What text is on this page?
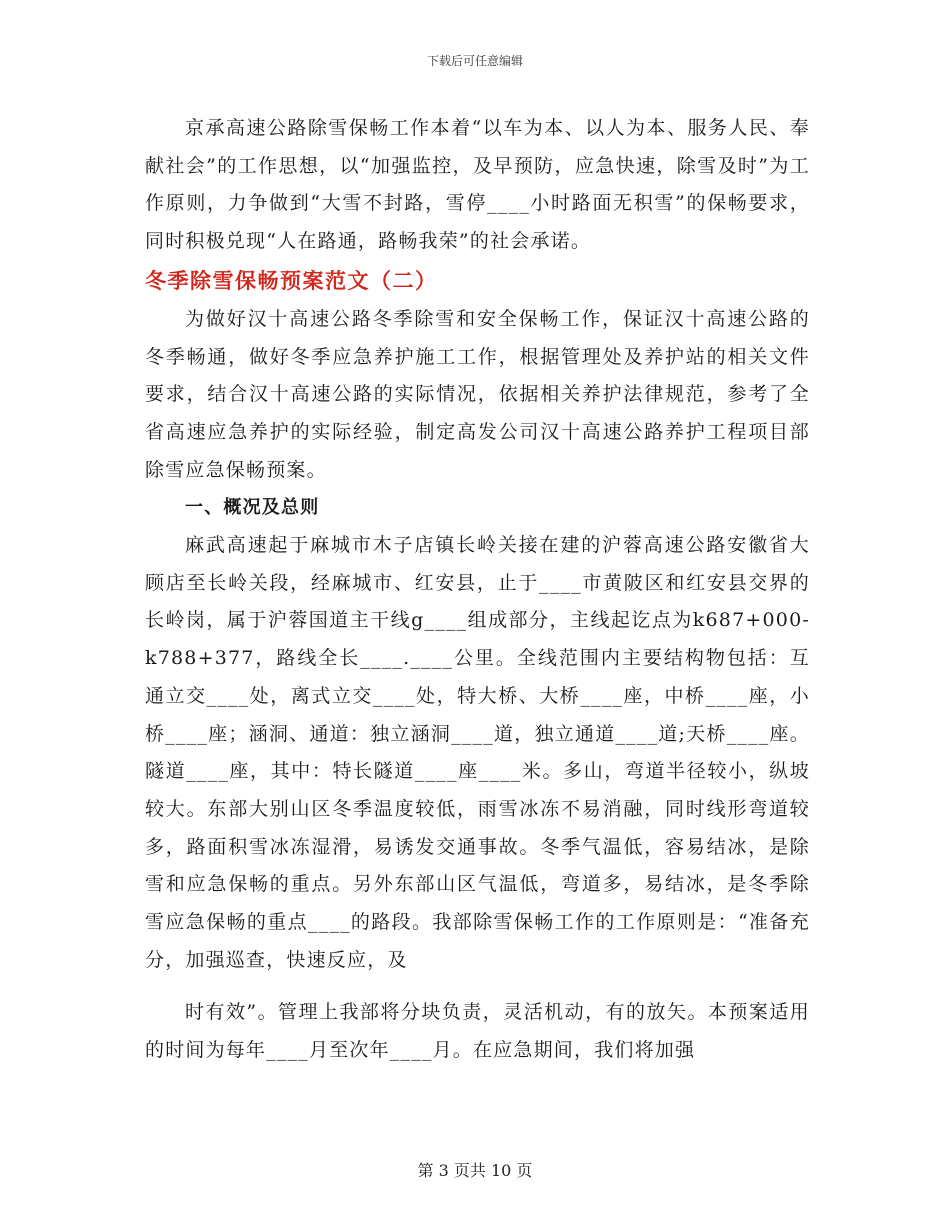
下载后可任意编辑

京承高速公路除雪保畅工作本着“以车为本、以人为本、服务人民、奉献社会”的工作思想，以“加强监控，及早预防，应急快速，除雪及时”为工作原则，力争做到“大雪不封路，雪停____小时路面无积雪”的保畅要求，同时积极兑现“人在路通，路畅我荣”的社会承诺。

冬季除雪保畅预案范文（二）

为做好汉十高速公路冬季除雪和安全保畅工作，保证汉十高速公路的冬季畅通，做好冬季应急养护施工工作，根据管理处及养护站的相关文件要求，结合汉十高速公路的实际情况，依据相关养护法律规范，参考了全省高速应急养护的实际经验，制定高发公司汉十高速公路养护工程项目部除雪应急保畅预案。

一、概况及总则

麻武高速起于麻城市木子店镇长岭关接在建的沪蓉高速公路安徽省大顾店至长岭关段，经麻城市、红安县，止于____市黄陂区和红安县交界的长岭岗，属于沪蓉国道主干线g____组成部分，主线起讫点为k687+000-k788+377，路线全长____.____公里。全线范围内主要结构物包括：互通立交____处，离式立交____处，特大桥、大桥____座，中桥____座，小桥____座；涵洞、通道：独立涵洞____道，独立通道____道;天桥____座。隧道____座，其中：特长隧道____座____米。多山，弯道半径较小，纵坡较大。东部大别山区冬季温度较低，雨雪冰冻不易消融，同时线形弯道较多，路面积雪冰冻湿滑，易诱发交通事故。冬季气温低，容易结冰，是除雪和应急保畅的重点。另外东部山区气温低，弯道多，易结冰，是冬季除雪应急保畅的重点____的路段。我部除雪保畅工作的工作原则是：“准备充分，加强巡查，快速反应，及

时有效”。管理上我部将分块负责，灵活机动，有的放矢。本预案适用的时间为每年____月至次年____月。在应急期间，我们将加强

第 3 页共 10 页
